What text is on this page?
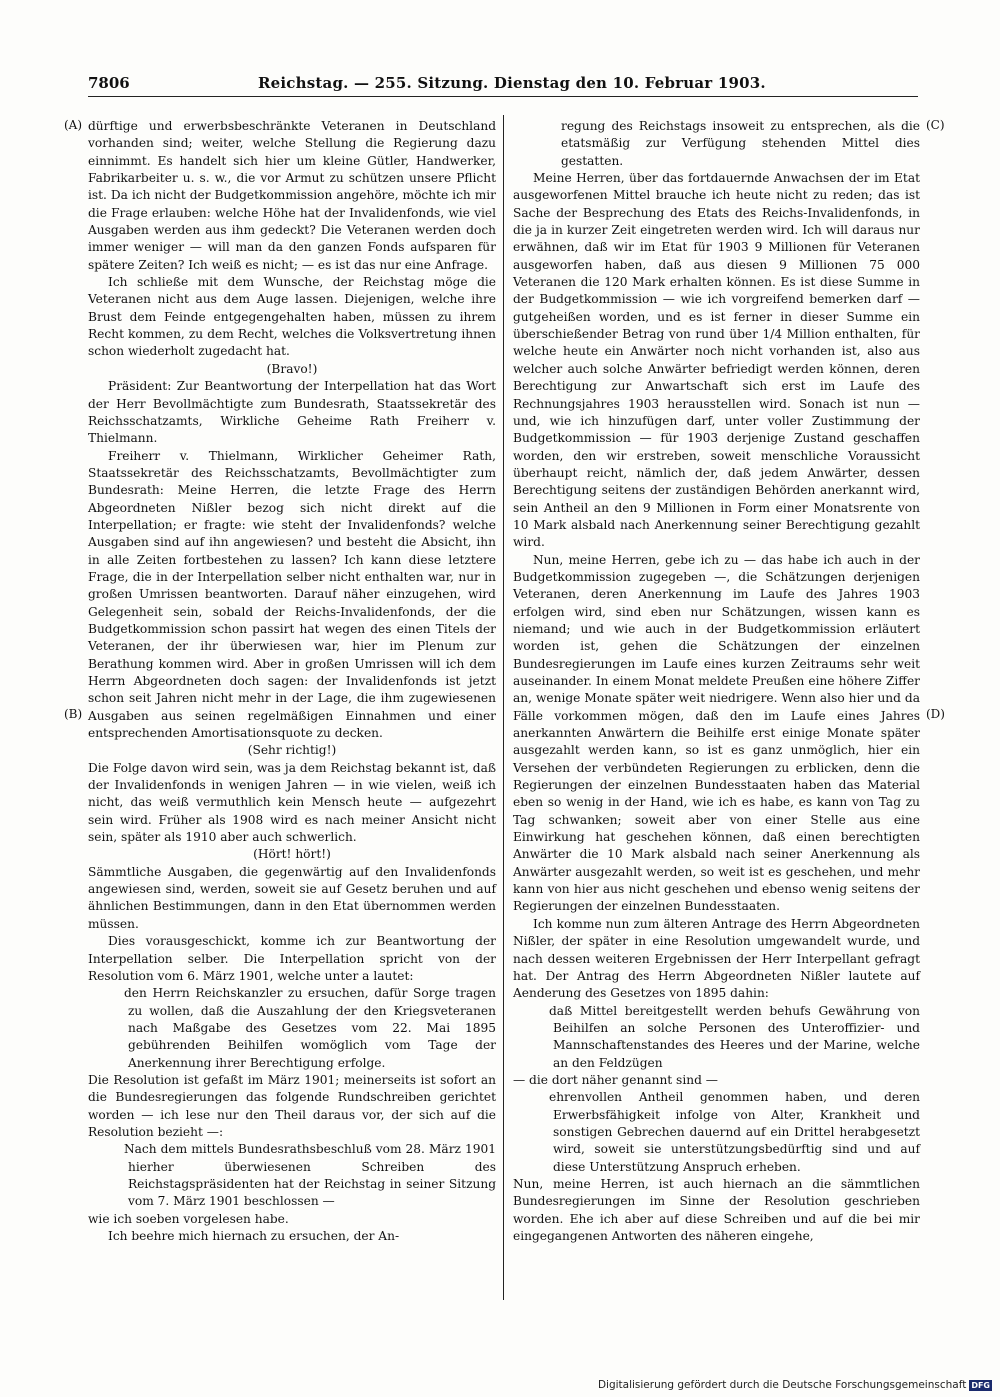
7806	Reichstag. — 255. Sitzung. Dienstag den 10. Februar 1903.
(A)
(B)
(C)
(D)

dürftige und erwerbsbeschränkte Veteranen in Deutschland vorhanden sind; weiter, welche Stellung die Regierung dazu einnimmt. Es handelt sich hier um kleine Gütler, Handwerker, Fabrikarbeiter u. s. w., die vor Armut zu schützen unsere Pflicht ist. Da ich nicht der Budgetkommission angehöre, möchte ich mir die Frage erlauben: welche Höhe hat der Invalidenfonds, wie viel Ausgaben werden aus ihm gedeckt? Die Veteranen werden doch immer weniger — will man da den ganzen Fonds aufsparen für spätere Zeiten? Ich weiß es nicht; — es ist das nur eine Anfrage.

Ich schließe mit dem Wunsche, der Reichstag möge die Veteranen nicht aus dem Auge lassen. Diejenigen, welche ihre Brust dem Feinde entgegengehalten haben, müssen zu ihrem Recht kommen, zu dem Recht, welches die Volksvertretung ihnen schon wiederholt zugedacht hat.

(Bravo!)

Präsident: Zur Beantwortung der Interpellation hat das Wort der Herr Bevollmächtigte zum Bundesrath, Staatssekretär des Reichsschatzamts, Wirkliche Geheime Rath Freiherr v. Thielmann.

Freiherr v. Thielmann, Wirklicher Geheimer Rath, Staatssekretär des Reichsschatzamts, Bevollmächtigter zum Bundesrath: Meine Herren, die letzte Frage des Herrn Abgeordneten Nißler bezog sich nicht direkt auf die Interpellation; er fragte: wie steht der Invalidenfonds? welche Ausgaben sind auf ihn angewiesen? und besteht die Absicht, ihn in alle Zeiten fortbestehen zu lassen? Ich kann diese letztere Frage, die in der Interpellation selber nicht enthalten war, nur in großen Umrissen beantworten. Darauf näher einzugehen, wird Gelegenheit sein, sobald der Reichs-Invalidenfonds, der die Budgetkommission schon passirt hat wegen des einen Titels der Veteranen, der ihr überwiesen war, hier im Plenum zur Berathung kommen wird. Aber in großen Umrissen will ich dem Herrn Abgeordneten doch sagen: der Invalidenfonds ist jetzt schon seit Jahren nicht mehr in der Lage, die ihm zugewiesenen Ausgaben aus seinen regelmäßigen Einnahmen und einer entsprechenden Amortisationsquote zu decken.

(Sehr richtig!)

Die Folge davon wird sein, was ja dem Reichstag bekannt ist, daß der Invalidenfonds in wenigen Jahren — in wie vielen, weiß ich nicht, das weiß vermuthlich kein Mensch heute — aufgezehrt sein wird. Früher als 1908 wird es nach meiner Ansicht nicht sein, später als 1910 aber auch schwerlich.

(Hört! hört!)

Sämmtliche Ausgaben, die gegenwärtig auf den Invalidenfonds angewiesen sind, werden, soweit sie auf Gesetz beruhen und auf ähnlichen Bestimmungen, dann in den Etat übernommen werden müssen.

Dies vorausgeschickt, komme ich zur Beantwortung der Interpellation selber. Die Interpellation spricht von der Resolution vom 6. März 1901, welche unter a lautet:

den Herrn Reichskanzler zu ersuchen, dafür Sorge tragen zu wollen, daß die Auszahlung der den Kriegsveteranen nach Maßgabe des Gesetzes vom 22. Mai 1895 gebührenden Beihilfen womöglich vom Tage der Anerkennung ihrer Berechtigung erfolge.

Die Resolution ist gefaßt im März 1901; meinerseits ist sofort an die Bundesregierungen das folgende Rundschreiben gerichtet worden — ich lese nur den Theil daraus vor, der sich auf die Resolution bezieht —:

Nach dem mittels Bundesrathsbeschluß vom 28. März 1901 hierher überwiesenen Schreiben des Reichstagspräsidenten hat der Reichstag in seiner Sitzung vom 7. März 1901 beschlossen —

wie ich soeben vorgelesen habe.

Ich beehre mich hiernach zu ersuchen, der An-

regung des Reichstags insoweit zu entsprechen, als die etatsmäßig zur Verfügung stehenden Mittel dies gestatten.

Meine Herren, über das fortdauernde Anwachsen der im Etat ausgeworfenen Mittel brauche ich heute nicht zu reden; das ist Sache der Besprechung des Etats des Reichs-Invalidenfonds, in die ja in kurzer Zeit eingetreten werden wird. Ich will daraus nur erwähnen, daß wir im Etat für 1903 9 Millionen für Veteranen ausgeworfen haben, daß aus diesen 9 Millionen 75 000 Veteranen die 120 Mark erhalten können. Es ist diese Summe in der Budgetkommission — wie ich vorgreifend bemerken darf — gutgeheißen worden, und es ist ferner in dieser Summe ein überschießender Betrag von rund über 1/4 Million enthalten, für welche heute ein Anwärter noch nicht vorhanden ist, also aus welcher auch solche Anwärter befriedigt werden können, deren Berechtigung zur Anwartschaft sich erst im Laufe des Rechnungsjahres 1903 herausstellen wird. Sonach ist nun — und, wie ich hinzufügen darf, unter voller Zustimmung der Budgetkommission — für 1903 derjenige Zustand geschaffen worden, den wir erstreben, soweit menschliche Voraussicht überhaupt reicht, nämlich der, daß jedem Anwärter, dessen Berechtigung seitens der zuständigen Behörden anerkannt wird, sein Antheil an den 9 Millionen in Form einer Monatsrente von 10 Mark alsbald nach Anerkennung seiner Berechtigung gezahlt wird.

Nun, meine Herren, gebe ich zu — das habe ich auch in der Budgetkommission zugegeben —, die Schätzungen derjenigen Veteranen, deren Anerkennung im Laufe des Jahres 1903 erfolgen wird, sind eben nur Schätzungen, wissen kann es niemand; und wie auch in der Budgetkommission erläutert worden ist, gehen die Schätzungen der einzelnen Bundesregierungen im Laufe eines kurzen Zeitraums sehr weit auseinander. In einem Monat meldete Preußen eine höhere Ziffer an, wenige Monate später weit niedrigere. Wenn also hier und da Fälle vorkommen mögen, daß den im Laufe eines Jahres anerkannten Anwärtern die Beihilfe erst einige Monate später ausgezahlt werden kann, so ist es ganz unmöglich, hier ein Versehen der verbündeten Regierungen zu erblicken, denn die Regierungen der einzelnen Bundesstaaten haben das Material eben so wenig in der Hand, wie ich es habe, es kann von Tag zu Tag schwanken; soweit aber von einer Stelle aus eine Einwirkung hat geschehen können, daß einen berechtigten Anwärter die 10 Mark alsbald nach seiner Anerkennung als Anwärter ausgezahlt werden, so weit ist es geschehen, und mehr kann von hier aus nicht geschehen und ebenso wenig seitens der Regierungen der einzelnen Bundesstaaten.

Ich komme nun zum älteren Antrage des Herrn Abgeordneten Nißler, der später in eine Resolution umgewandelt wurde, und nach dessen weiteren Ergebnissen der Herr Interpellant gefragt hat. Der Antrag des Herrn Abgeordneten Nißler lautete auf Aenderung des Gesetzes von 1895 dahin:

daß Mittel bereitgestellt werden behufs Gewährung von Beihilfen an solche Personen des Unteroffizier- und Mannschaftenstandes des Heeres und der Marine, welche an den Feldzügen

— die dort näher genannt sind —

ehrenvollen Antheil genommen haben, und deren Erwerbsfähigkeit infolge von Alter, Krankheit und sonstigen Gebrechen dauernd auf ein Drittel herabgesetzt wird, soweit sie unterstützungsbedürftig sind und auf diese Unterstützung Anspruch erheben.

Nun, meine Herren, ist auch hiernach an die sämmtlichen Bundesregierungen im Sinne der Resolution geschrieben worden. Ehe ich aber auf diese Schreiben und auf die bei mir eingegangenen Antworten des näheren eingehe,

Digitalisierung gefördert durch die Deutsche Forschungsgemeinschaft DFG
